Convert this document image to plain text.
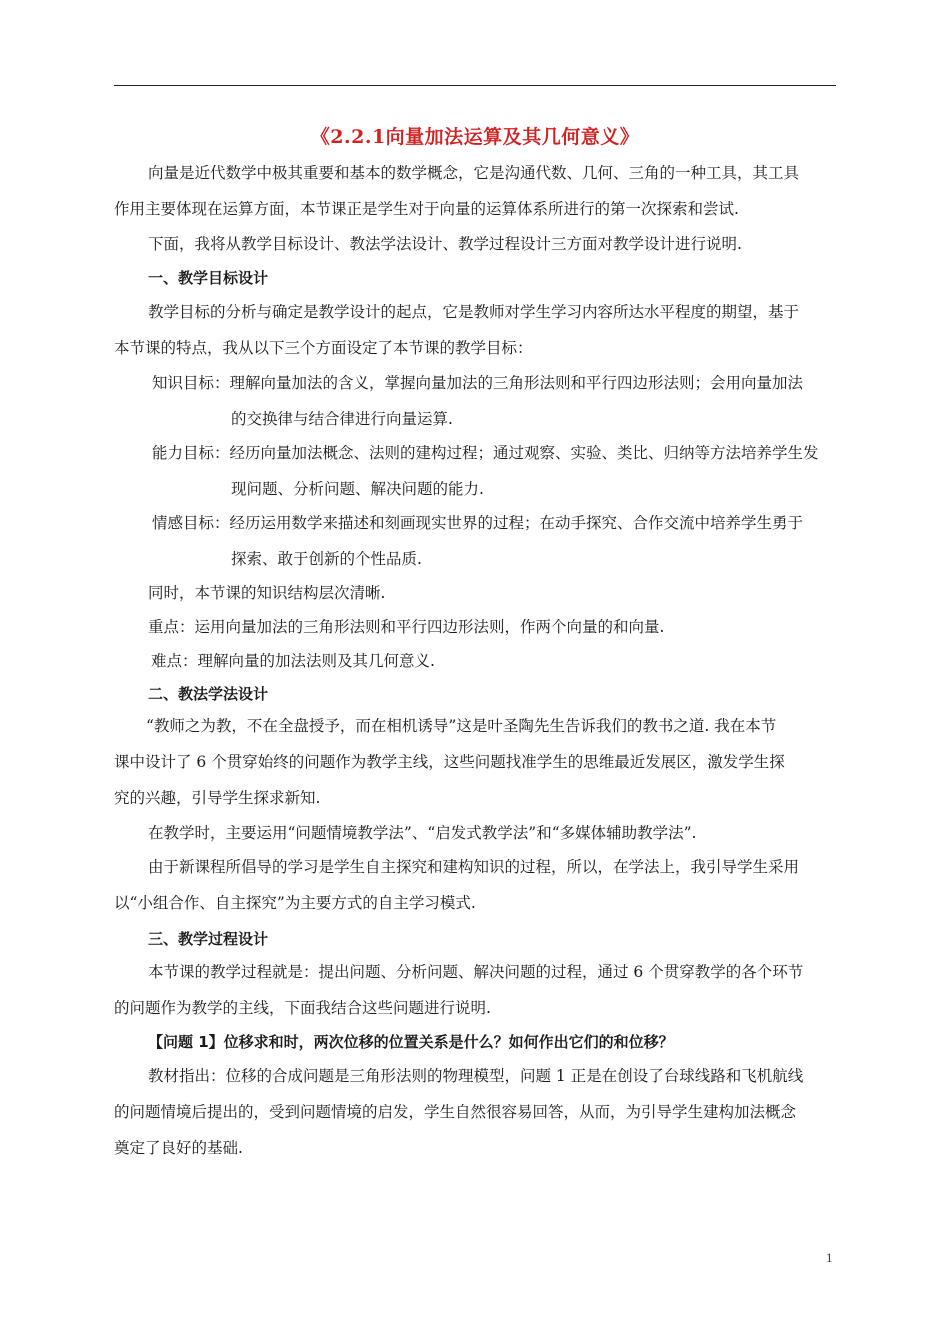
《2.2.1向量加法运算及其几何意义》
向量是近代数学中极其重要和基本的数学概念，它是沟通代数、几何、三角的一种工具，其工具
作用主要体现在运算方面，本节课正是学生对于向量的运算体系所进行的第一次探索和尝试.
下面，我将从教学目标设计、教法学法设计、教学过程设计三方面对教学设计进行说明.
一、教学目标设计
教学目标的分析与确定是教学设计的起点，它是教师对学生学习内容所达水平程度的期望，基于
本节课的特点，我从以下三个方面设定了本节课的教学目标：
知识目标：理解向量加法的含义，掌握向量加法的三角形法则和平行四边形法则；会用向量加法
的交换律与结合律进行向量运算.
能力目标：经历向量加法概念、法则的建构过程；通过观察、实验、类比、归纳等方法培养学生发
现问题、分析问题、解决问题的能力.
情感目标：经历运用数学来描述和刻画现实世界的过程；在动手探究、合作交流中培养学生勇于
探索、敢于创新的个性品质.
同时，本节课的知识结构层次清晰.
重点：运用向量加法的三角形法则和平行四边形法则，作两个向量的和向量.
难点：理解向量的加法法则及其几何意义.
二、教法学法设计
“教师之为教，不在全盘授予，而在相机诱导”这是叶圣陶先生告诉我们的教书之道. 我在本节
课中设计了 6 个贯穿始终的问题作为教学主线，这些问题找准学生的思维最近发展区，激发学生探
究的兴趣，引导学生探求新知.
在教学时，主要运用“问题情境教学法”、“启发式教学法”和“多媒体辅助教学法”.
由于新课程所倡导的学习是学生自主探究和建构知识的过程，所以，在学法上，我引导学生采用
以“小组合作、自主探究”为主要方式的自主学习模式.
三、教学过程设计
本节课的教学过程就是：提出问题、分析问题、解决问题的过程，通过 6 个贯穿教学的各个环节
的问题作为教学的主线，下面我结合这些问题进行说明.
【问题 1】位移求和时，两次位移的位置关系是什么？如何作出它们的和位移？
教材指出：位移的合成问题是三角形法则的物理模型，问题 1 正是在创设了台球线路和飞机航线
的问题情境后提出的，受到问题情境的启发，学生自然很容易回答，从而，为引导学生建构加法概念
奠定了良好的基础.
1
